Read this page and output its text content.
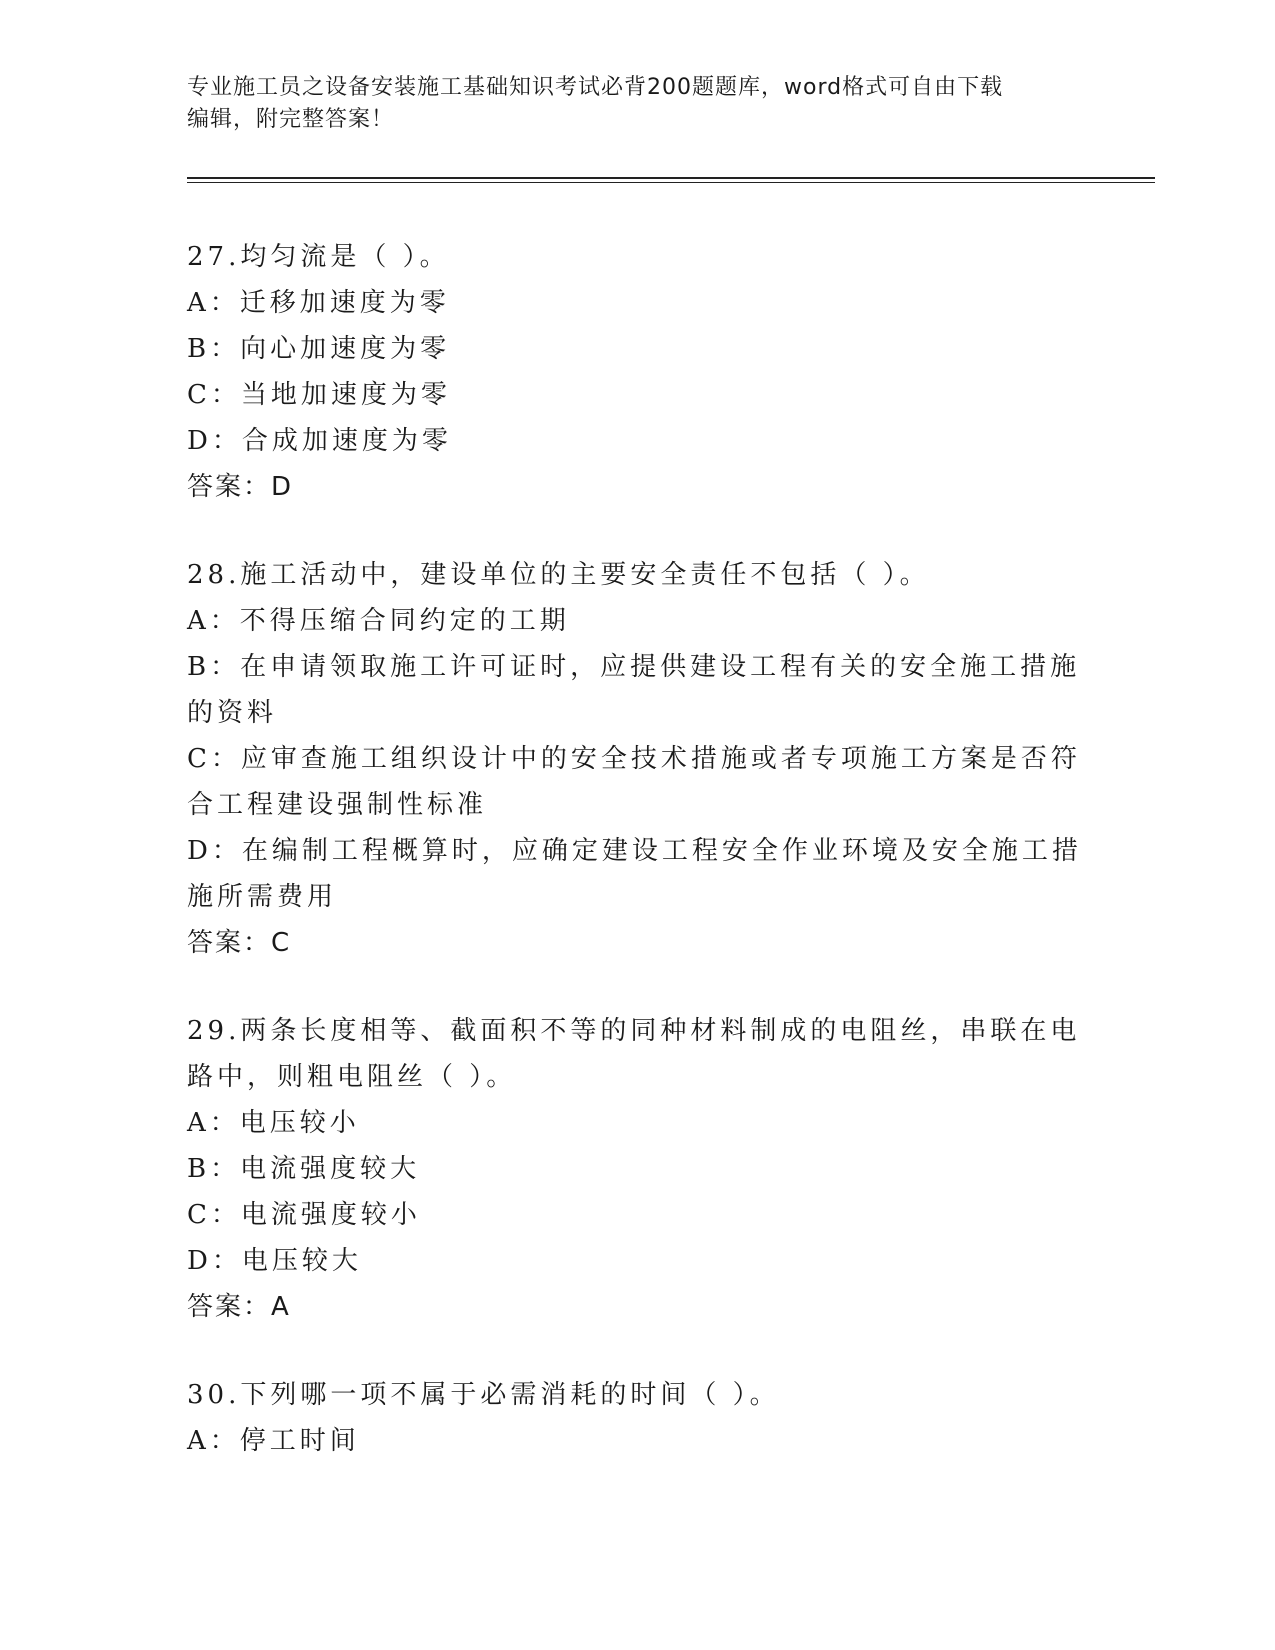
专业施工员之设备安装施工基础知识考试必背200题题库，word格式可自由下载
编辑，附完整答案！
27.均匀流是（ ）。
A：迁移加速度为零
B：向心加速度为零
C：当地加速度为零
D：合成加速度为零
答案：D
28.施工活动中，建设单位的主要安全责任不包括（ ）。
A：不得压缩合同约定的工期
B：在申请领取施工许可证时，应提供建设工程有关的安全施工措施的资料
C：应审查施工组织设计中的安全技术措施或者专项施工方案是否符合工程建设强制性标准
D：在编制工程概算时，应确定建设工程安全作业环境及安全施工措施所需费用
答案：C
29.两条长度相等、截面积不等的同种材料制成的电阻丝，串联在电路中，则粗电阻丝（ ）。
A：电压较小
B：电流强度较大
C：电流强度较小
D：电压较大
答案：A
30.下列哪一项不属于必需消耗的时间（ ）。
A：停工时间
